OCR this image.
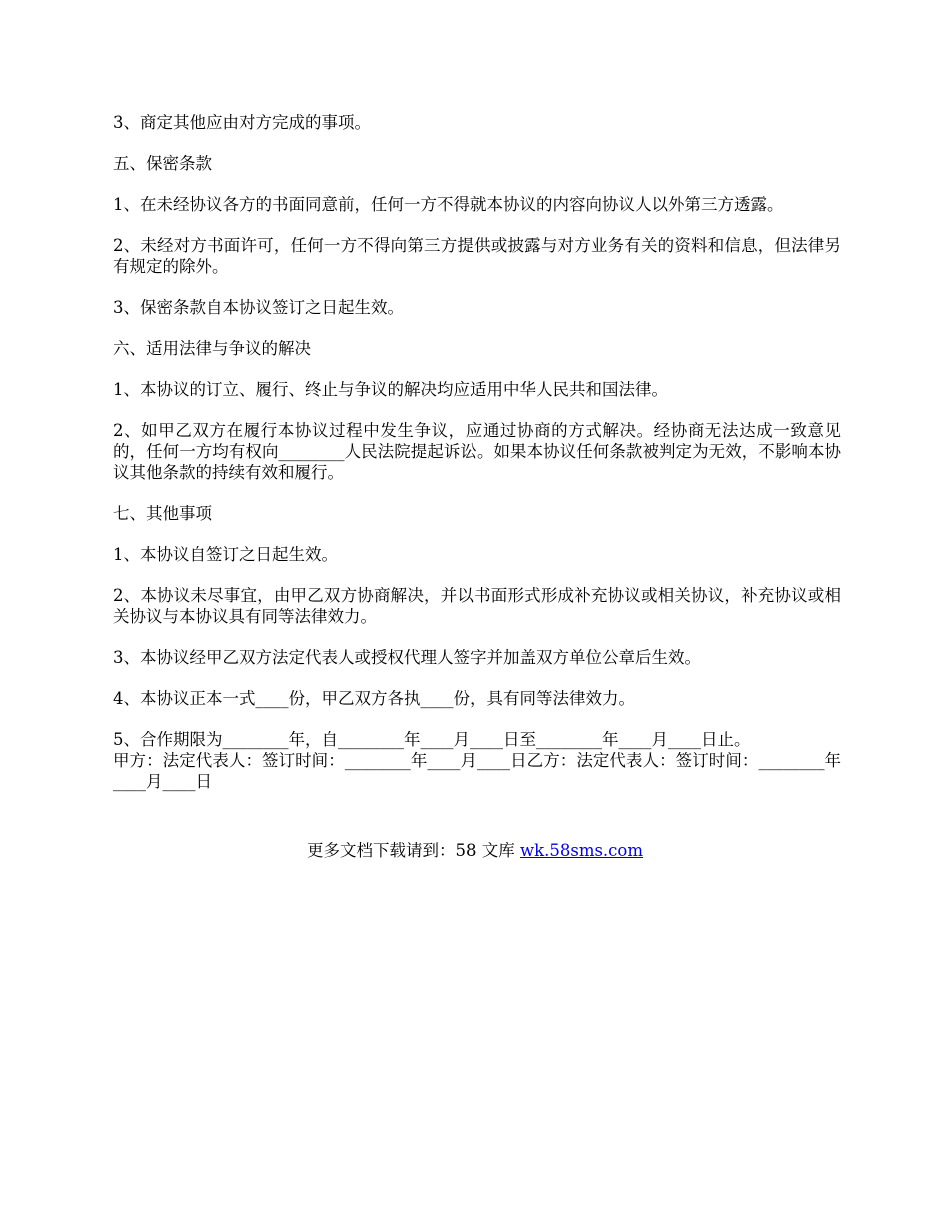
3、商定其他应由对方完成的事项。

五、保密条款

1、在未经协议各方的书面同意前，任何一方不得就本协议的内容向协议人以外第三方透露。

2、未经对方书面许可，任何一方不得向第三方提供或披露与对方业务有关的资料和信息，但法律另有规定的除外。

3、保密条款自本协议签订之日起生效。

六、适用法律与争议的解决

1、本协议的订立、履行、终止与争议的解决均应适用中华人民共和国法律。

2、如甲乙双方在履行本协议过程中发生争议，应通过协商的方式解决。经协商无法达成一致意见的，任何一方均有权向________人民法院提起诉讼。如果本协议任何条款被判定为无效，不影响本协议其他条款的持续有效和履行。

七、其他事项

1、本协议自签订之日起生效。

2、本协议未尽事宜，由甲乙双方协商解决，并以书面形式形成补充协议或相关协议，补充协议或相关协议与本协议具有同等法律效力。

3、本协议经甲乙双方法定代表人或授权代理人签字并加盖双方单位公章后生效。

4、本协议正本一式____份，甲乙双方各执____份，具有同等法律效力。

5、合作期限为________年，自________年____月____日至________年____月____日止。

甲方：法定代表人：签订时间：________年____月____日乙方：法定代表人：签订时间：________年____月____日

更多文档下载请到：58 文库 wk.58sms.com
